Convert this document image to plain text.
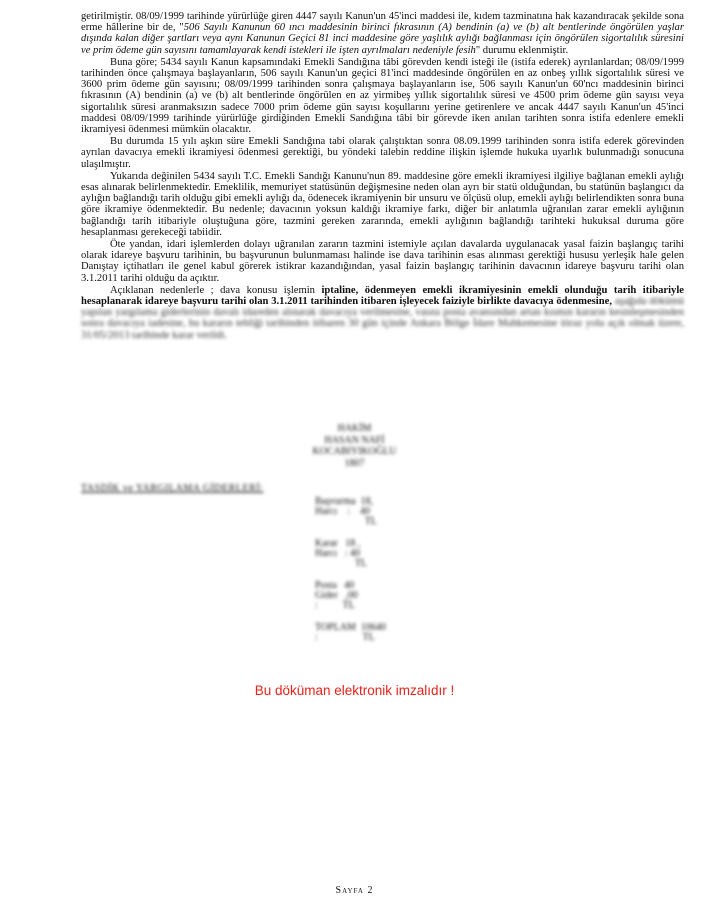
getirilmiştir. 08/09/1999 tarihinde yürürlüğe giren 4447 sayılı Kanun'un 45'inci maddesi ile, kıdem tazminatına hak kazandıracak şekilde sona erme hâllerine bir de, "506 Sayılı Kanunun 60 ıncı maddesinin birinci fıkrasının (A) bendinin (a) ve (b) alt bentlerinde öngörülen yaşlar dışında kalan diğer şartları veya aynı Kanunun Geçici 81 inci maddesine göre yaşlılık aylığı bağlanması için öngörülen sigortalılık süresini ve prim ödeme gün sayısını tamamlayarak kendi istekleri ile işten ayrılmaları nedeniyle fesih" durumu eklenmiştir.

Buna göre; 5434 sayılı Kanun kapsamındaki Emekli Sandığına tâbi görevden kendi isteği ile (istifa ederek) ayrılanlardan; 08/09/1999 tarihinden önce çalışmaya başlayanların, 506 sayılı Kanun'un geçici 81'inci maddesinde öngörülen en az onbeş yıllık sigortalılık süresi ve 3600 prim ödeme gün sayısını; 08/09/1999 tarihinden sonra çalışmaya başlayanların ise, 506 sayılı Kanun'un 60'ncı maddesinin birinci fıkrasının (A) bendinin (a) ve (b) alt bentlerinde öngörülen en az yirmibeş yıllık sigortalılık süresi ve 4500 prim ödeme gün sayısı veya sigortalılık süresi aranmaksızın sadece 7000 prim ödeme gün sayısı koşullarını yerine getirenlere ve ancak 4447 sayılı Kanun'un 45'inci maddesi 08/09/1999 tarihinde yürürlüğe girdiğinden Emekli Sandığına tâbi bir görevde iken anılan tarihten sonra istifa edenlere emekli ikramiyesi ödenmesi mümkün olacaktır.

Bu durumda 15 yılı aşkın süre Emekli Sandığına tabi olarak çalıştıktan sonra 08.09.1999 tarihinden sonra istifa ederek görevinden ayrılan davacıya emekli ikramiyesi ödenmesi gerektiği, bu yöndeki talebin reddine ilişkin işlemde hukuka uyarlık bulunmadığı sonucuna ulaşılmıştır.

Yukarıda değinilen 5434 sayılı T.C. Emekli Sandığı Kanunu'nun 89. maddesine göre emekli ikramiyesi ilgiliye bağlanan emekli aylığı esas alınarak belirlenmektedir. Emeklilik, memuriyet statüsünün değişmesine neden olan ayrı bir statü olduğundan, bu statünün başlangıcı da aylığın bağlandığı tarih olduğu gibi emekli aylığı da, ödenecek ikramiyenin bir unsuru ve ölçüsü olup, emekli aylığı belirlendikten sonra buna göre ikramiye ödenmektedir. Bu nedenle; davacının yoksun kaldığı ikramiye farkı, diğer bir anlatımla uğranılan zarar emekli aylığının bağlandığı tarih itibariyle oluştuğuna göre, tazmini gereken zararında, emekli aylığının bağlandığı tarihteki hukuksal duruma göre hesaplanması gerekeceği tabiidir.

Öte yandan, idari işlemlerden dolayı uğranılan zararın tazmini istemiyle açılan davalarda uygulanacak yasal faizin başlangıç tarihi olarak idareye başvuru tarihinin, bu başvurunun bulunmaması halinde ise dava tarihinin esas alınması gerektiği hususu yerleşik hale gelen Danıştay içtihatları ile genel kabul görerek istikrar kazandığından, yasal faizin başlangıç tarihinin davacının idareye başvuru tarihi olan 3.1.2011 tarihi olduğu da açıktır.

Açıklanan nedenlerle ; dava konusu işlemin iptaline, ödenmeyen emekli ikramiyesinin emekli olunduğu tarih itibariyle hesaplanarak idareye başvuru tarihi olan 3.1.2011 tarihinden itibaren işleyecek faiziyle birlikte davacıya ödenmesine, aşağıda dökümü yapılan yargılama giderlerinin davalı idareden alınarak davacıya verilmesine, vasıta posta avansından artan kısmın kararın kesinleşmesinden sonra davacıya iadesine, bu kararın tebliği tarihinden itibaren 30 gün içinde Ankara Bölge İdare Mahkemesine itiraz yolu açık olmak üzere, 31/05/2013 tarihinde karar verildi.

HAKİM
HASAN NAFİ
KOCABIYIKOĞLU
1807
TASDİK ve YARGILAMA GİDERLERİ:
Başvurma  18,
Harcı    :    40
TL
Karar   18 ,
Harcı   : 40
TL
Posta   40
Gider   ,00
:          TL
TOPLAM  10640
:                  TL
Bu döküman elektronik imzalıdır !
Sayfa 2
